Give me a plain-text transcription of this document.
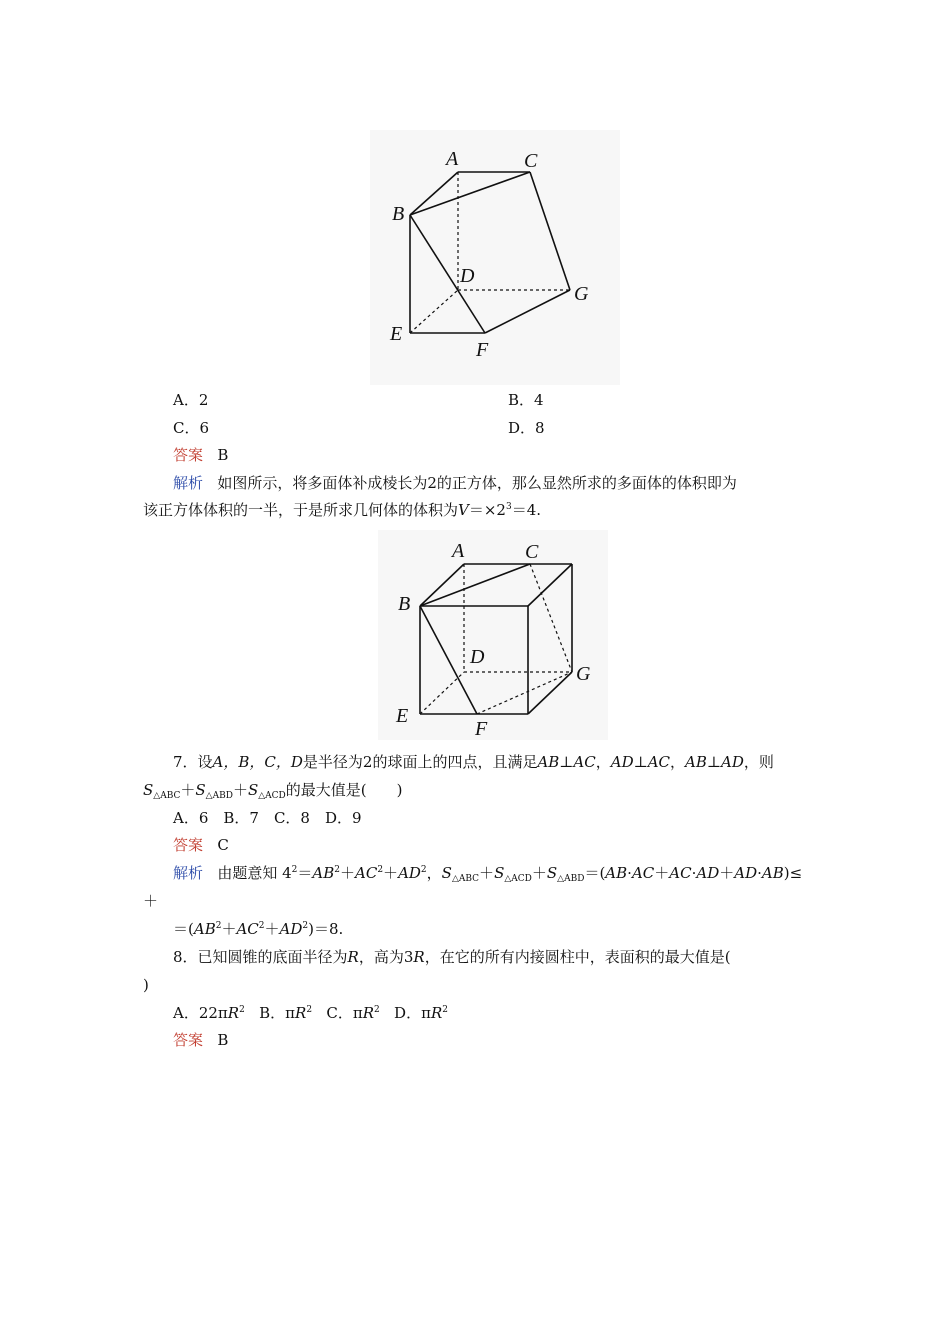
A	C
B
D
G
E
F
A．2	B．4
C．6	D．8
答案 B
解析 如图所示，将多面体补成棱长为2的正方体，那么显然所求的多面体的体积即为
该正方体体积的一半，于是所求几何体的体积为$V=\times 2^3=4$.
A	C
B
D
G
E
F
7．设A，B，C，D是半径为2的球面上的四点，且满足AB⊥AC，AD⊥AC，AB⊥AD，则
$S_{\triangle ABC}+S_{\triangle ABD}+S_{\triangle ACD}$的最大值是(　　)
A．6　B．7　C．8　D．9
答案 C
解析 由题意知 $4^2=AB^2+AC^2+AD^2$，$S_{\triangle ABC}+S_{\triangle ACD}+S_{\triangle ABD}=(AB\cdot AC+AC\cdot AD+AD\cdot AB)\le$
＋
$=(AB^2+AC^2+AD^2)=8$.
8．已知圆锥的底面半径为R，高为3R，在它的所有内接圆柱中，表面积的最大值是(
)
A．$22\pi R^2$ B．$\pi R^2$ C．$\pi R^2$ D．$\pi R^2$
答案 B
